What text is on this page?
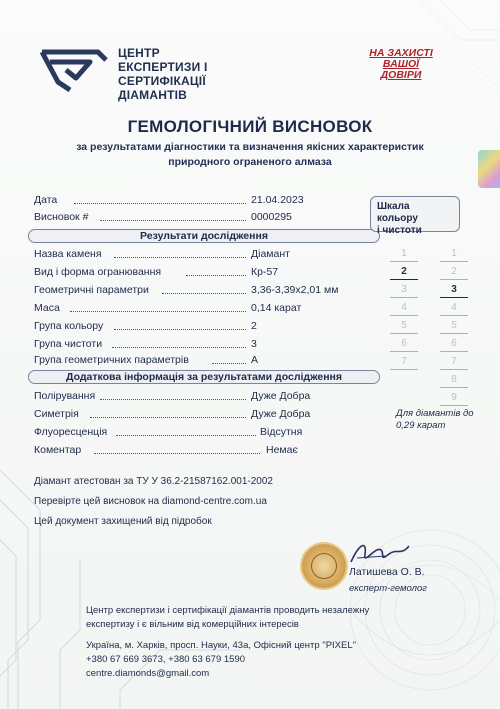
ЦЕНТР
ЕКСПЕРТИЗИ І СЕРТИФІКАЦІЇ
ДІАМАНТІВ
НА ЗАХИСТІ
ВАШОЇ
ДОВІРИ
ГЕМОЛОГІЧНИЙ ВИСНОВОК
за результатами діагностики та визначення якісних характеристик
природного ограненого алмаза
Дата	21.04.2023
Висновок #	0000295
Результати дослідження
Назва каменя	Діамант
Вид і форма огранювання	Кр-57
Геометричні параметри	3,36-3,39x2,01 мм
Маса	0,14 карат
Група кольору	2
Група чистоти	3
Група геометричних параметрів	А
Додаткова інформація за результатами дослідження
Полірування	Дуже Добра
Симетрія	Дуже Добра
Флуоресценція	Відсутня
Коментар	Немає
Шкала кольору
і чистоти
1
2
3
4
5
6
7
1
2
3
4
5
6
7
8
9
Для діамантів до
0,29 карат
Діамант атестован за ТУ У 36.2-21587162.001-2002
Перевірте цей висновок на diamond-centre.com.ua
Цей документ захищений від підробок
Латишева О. В.
експерт-гемолог
Центр експертизи і сертифікації діамантів проводить незалежну
експертизу і є вільним від комерційних інтересів
Україна, м. Харків, просп. Науки, 43а, Офісний центр "PIXEL"
+380 67 669 3673, +380 63 679 1590
centre.diamonds@gmail.com
